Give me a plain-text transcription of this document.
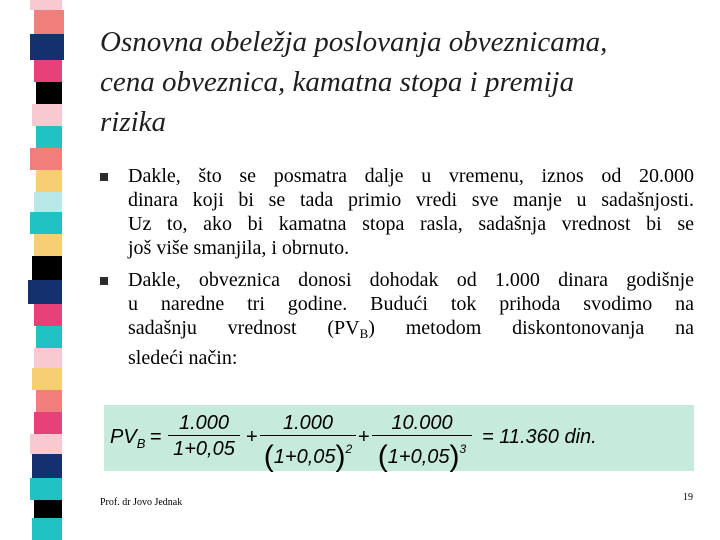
Osnovna obeležja poslovanja obveznicama,
cena obveznica, kamatna stopa i premija
rizika
Dakle, što se posmatra dalje u vremenu, iznos od 20.000
dinara koji bi se tada primio vredi sve manje u sadašnjosti.
Uz to, ako bi kamatna stopa rasla, sadašnja vrednost bi se
još više smanjila, i obrnuto.
Dakle, obveznica donosi dohodak od 1.000 dinara godišnje
u naredne tri godine. Budući tok prihoda svodimo na
sadašnju vrednost $(PV_B)$ metodom diskontonovanja na
sledeći način:
$PV_B$ =
1.000
1+0,05
+
1.000
$(1+0,05)^2$
+
10.000
$(1+0,05)^3$
= 11.360 din.
Prof. dr Jovo Jednak	19
